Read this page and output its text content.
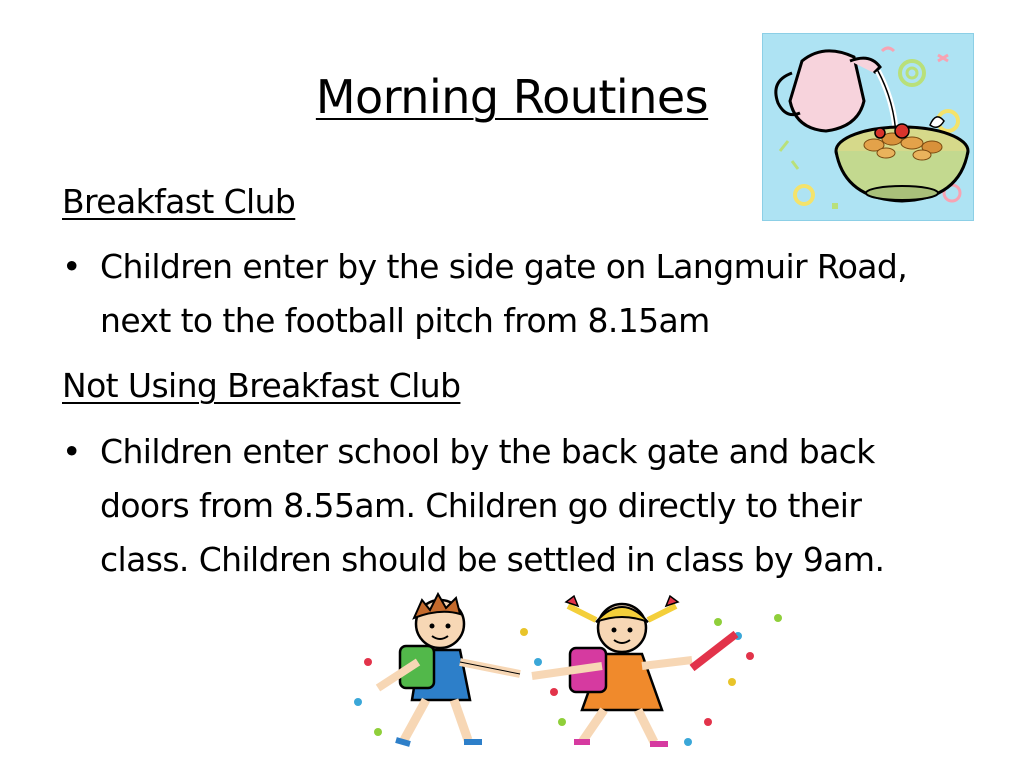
Morning Routines
Breakfast Club
• Children enter by the side gate on Langmuir Road, next to the football pitch from 8.15am
Not Using Breakfast Club
• Children enter school by the back gate and back doors from 8.55am. Children go directly to their class. Children should be settled in class by 9am.
